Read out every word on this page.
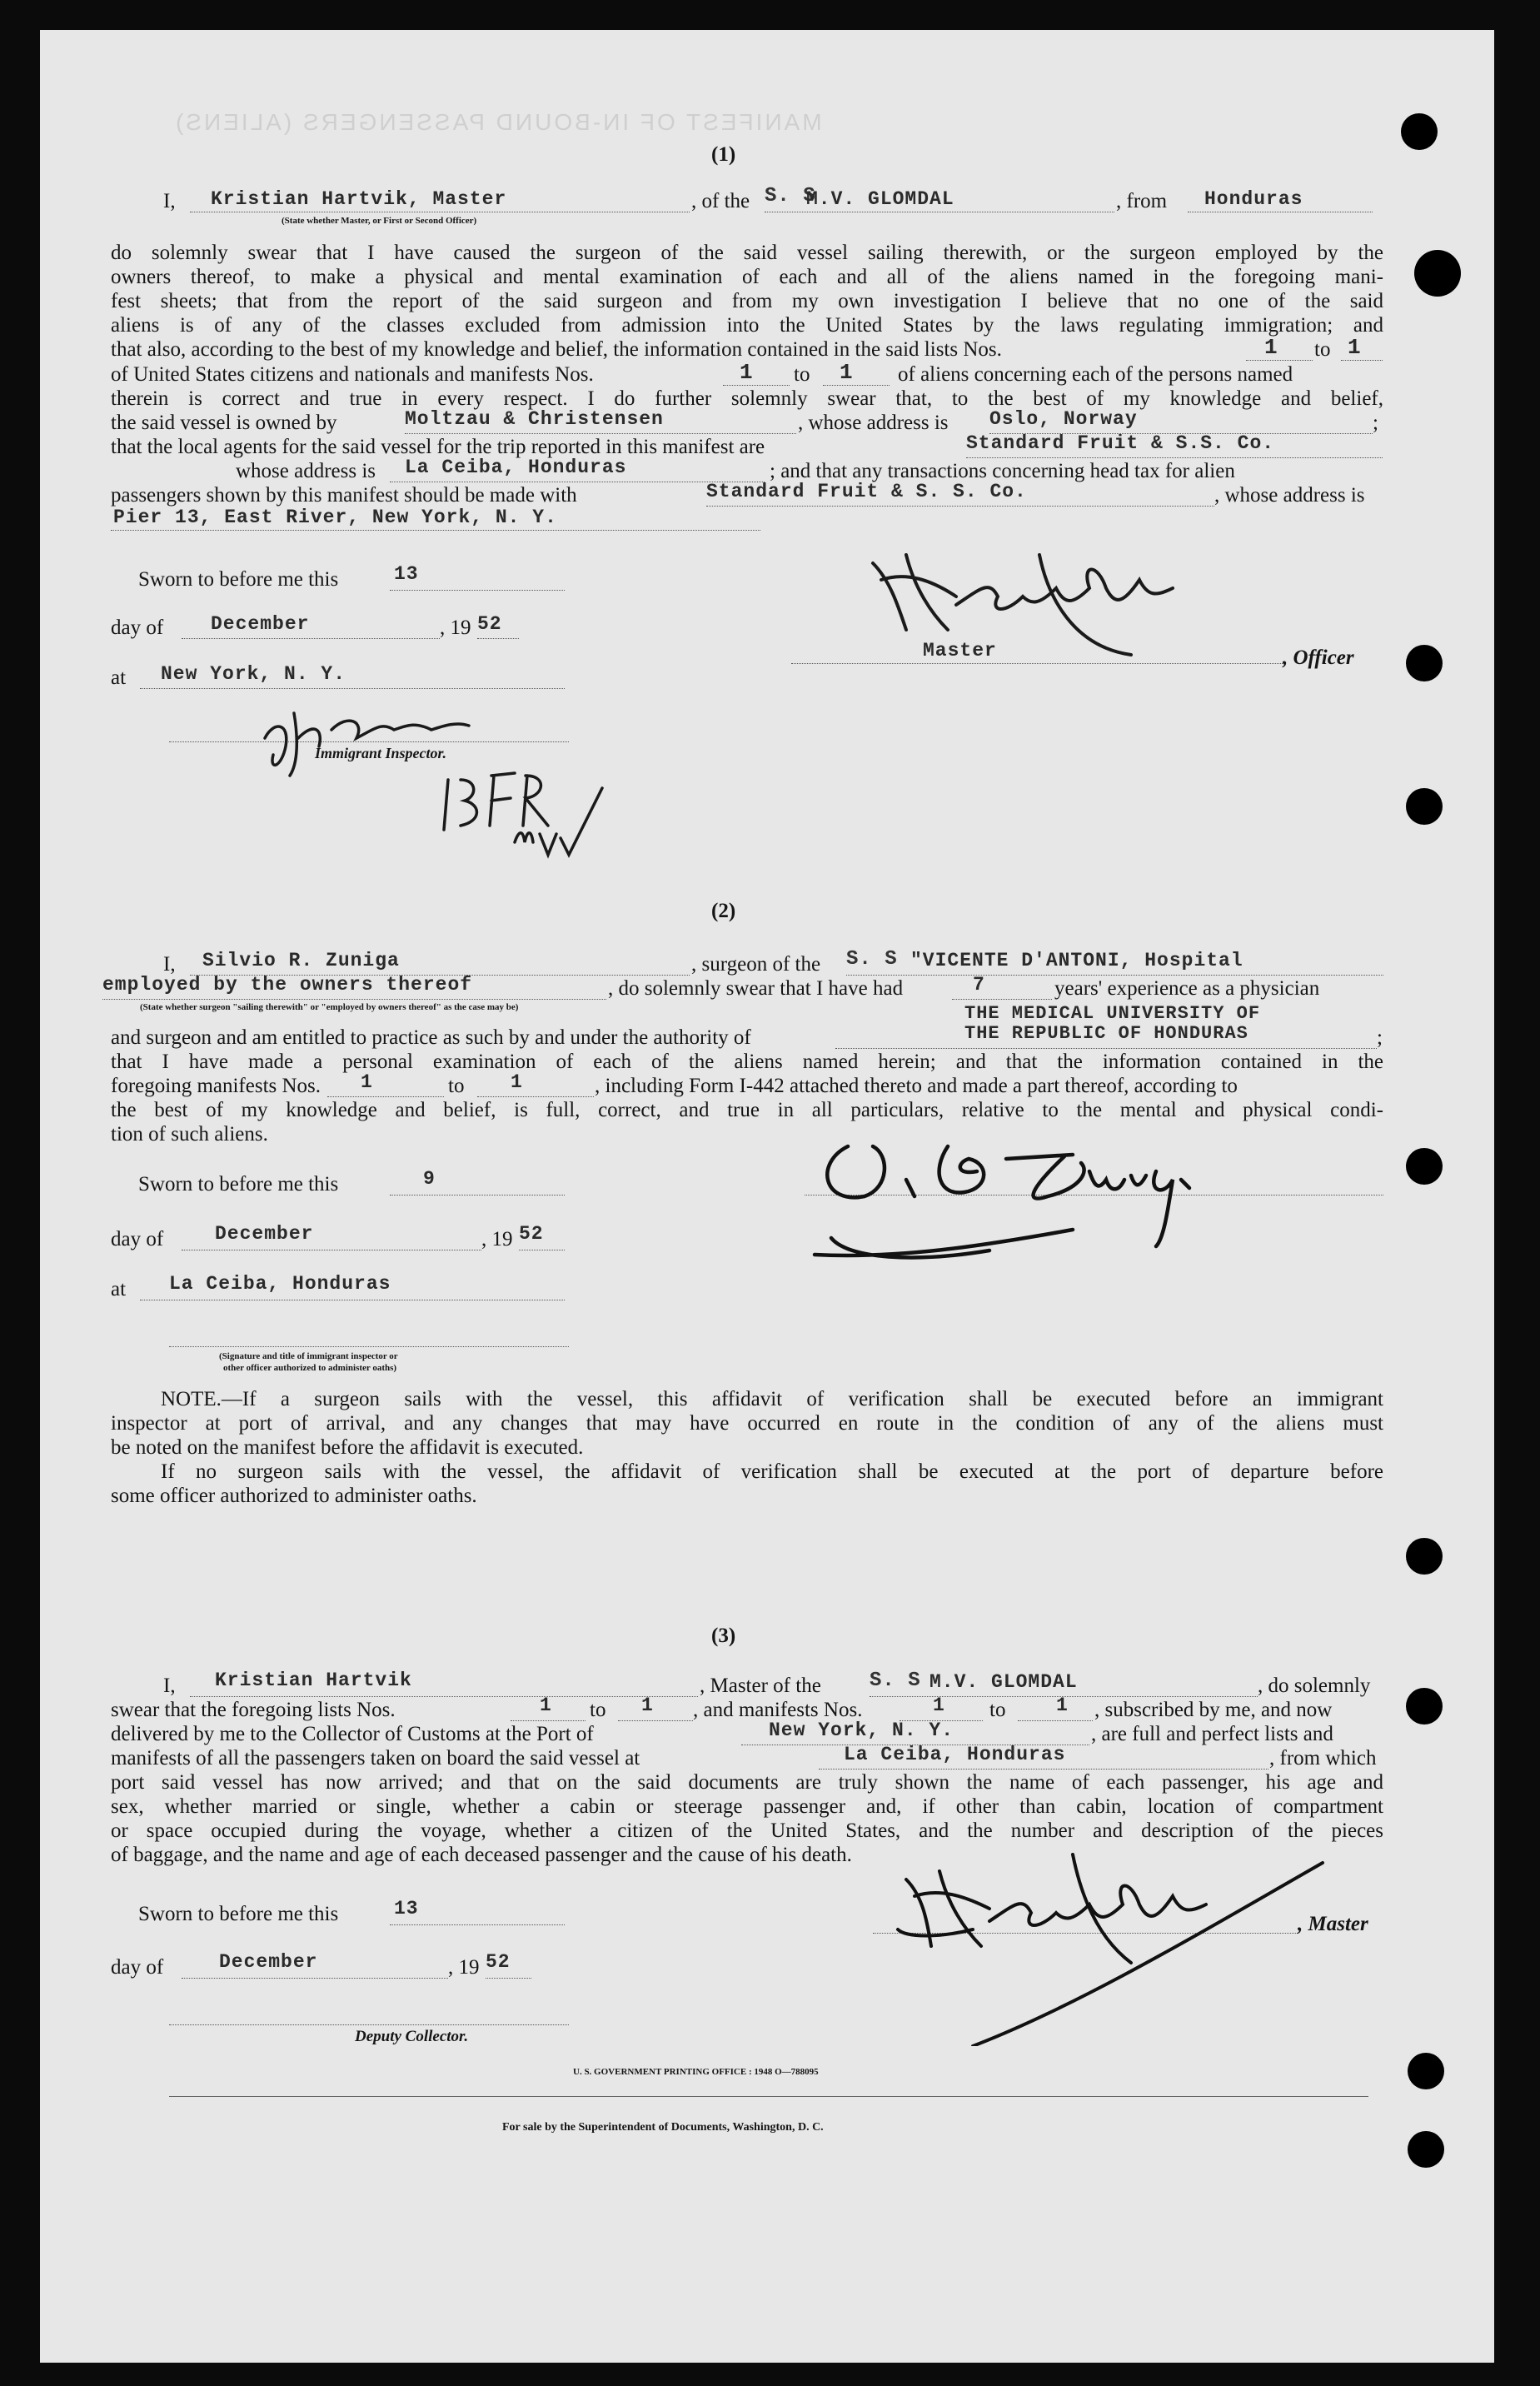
MANIFEST OF IN-BOUND PASSENGERS (ALIENS)
(1)
I, Kristian Hartvik, Master	, of the S. S
M.V. GLOMDAL	, from Honduras
(State whether Master, or First or Second Officer)
do solemnly swear that I have caused the surgeon of the said vessel sailing therewith, or the surgeon employed by the
owners thereof, to make a physical and mental examination of each and all of the aliens named in the foregoing mani-
fest sheets; that from the report of the said surgeon and from my own investigation I believe that no one of the said
aliens is of any of the classes excluded from admission into the United States by the laws regulating immigration; and
that also, according to the best of my knowledge and belief, the information contained in the said lists Nos.	1 to 1
of United States citizens and nationals and manifests Nos.	1 to 1 of aliens concerning each of the persons named
therein is correct and true in every respect. I do further solemnly swear that, to the best of my knowledge and belief,
the said vessel is owned by	Moltzau & Christensen	, whose address is Oslo, Norway	;
that the local agents for the said vessel for the trip reported in this manifest are	Standard Fruit & S.S. Co.
whose address is La Ceiba, Honduras	; and that any transactions concerning head tax for alien
passengers shown by this manifest should be made with	Standard Fruit & S. S. Co.	, whose address is
Pier 13, East River, New York, N. Y.
Sworn to before me this	13
day of December	, 19 52
at New York, N. Y.
Immigrant Inspector.
Master	, Officer
(2)
I, Silvio R. Zuniga	, surgeon of the S. S "VICENTE D'ANTONI, Hospital
employed by the owners thereof	, do solemnly swear that I have had	7	years' experience as a physician
(State whether surgeon "sailing therewith" or "employed by owners thereof" as the case may be)	THE MEDICAL UNIVERSITY OF
and surgeon and am entitled to practice as such by and under the authority of	THE REPUBLIC OF HONDURAS	;
that I have made a personal examination of each of the aliens named herein; and that the information contained in the
foregoing manifests Nos. 1	to 1	, including Form I-442 attached thereto and made a part thereof, according to
the best of my knowledge and belief, is full, correct, and true in all particulars, relative to the mental and physical condi-
tion of such aliens.
Sworn to before me this	9
day of	December	, 19 52
at La Ceiba, Honduras
(Signature and title of immigrant inspector or
other officer authorized to administer oaths)
NOTE.—If a surgeon sails with the vessel, this affidavit of verification shall be executed before an immigrant
inspector at port of arrival, and any changes that may have occurred en route in the condition of any of the aliens must
be noted on the manifest before the affidavit is executed.
If no surgeon sails with the vessel, the affidavit of verification shall be executed at the port of departure before
some officer authorized to administer oaths.
(3)
I, Kristian Hartvik	, Master of the S. S M.V. GLOMDAL	, do solemnly
swear that the foregoing lists Nos.	1 to 1 , and manifests Nos.	1 to	1 , subscribed by me, and now
delivered by me to the Collector of Customs at the Port of	New York, N. Y.	, are full and perfect lists and
manifests of all the passengers taken on board the said vessel at	La Ceiba, Honduras	, from which
port said vessel has now arrived; and that on the said documents are truly shown the name of each passenger, his age and
sex, whether married or single, whether a cabin or steerage passenger and, if other than cabin, location of compartment
or space occupied during the voyage, whether a citizen of the United States, and the number and description of the pieces
of baggage, and the name and age of each deceased passenger and the cause of his death.
, Master
Sworn to before me this	13
day of	December	, 19 52
Deputy Collector.
U. S. GOVERNMENT PRINTING OFFICE : 1948 O—788095
For sale by the Superintendent of Documents, Washington, D. C.
